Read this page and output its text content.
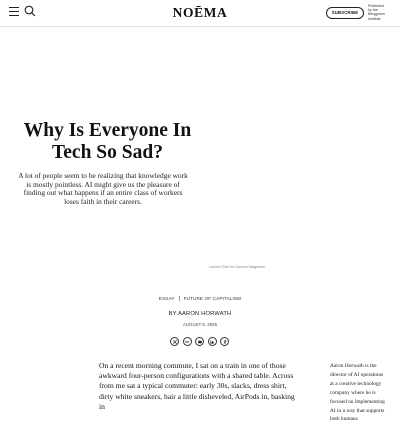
NOĒMA	SUBSCRIBE
Published
by the
Berggruen
Institute
Why Is Everyone In Tech So Sad?

A lot of people seem to be realizing that knowledge work is mostly pointless. AI might give us the pleasure of finding out what happens if an entire class of workers loses faith in their careers.

Lennie Rice for Noema Magazine
ESSAY FUTURE OF CAPITALISM
BY AARON HORWATH
AUGUST 6, 2025

On a recent morning commute, I sat on a train in one of those awkward four-person configurations with a shared table. Across from me sat a typical commuter: early 30s, slacks, dress shirt, dirty white sneakers, hair a little disheveled, AirPods in, basking in

Aaron Horwath is the director of AI operations at a creative technology company where he is focused on implementing AI in a way that supports both humans
